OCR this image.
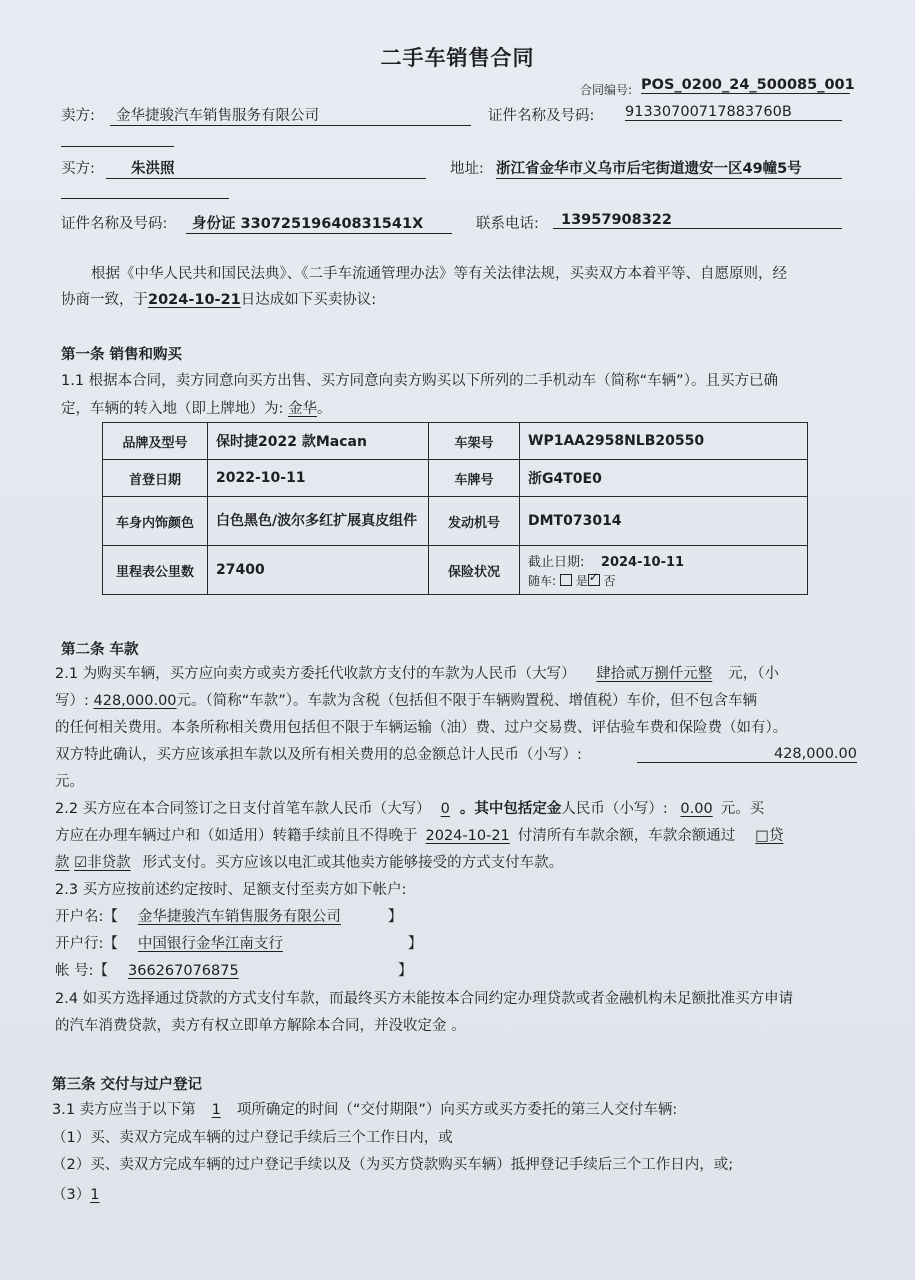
二手车销售合同
合同编号: POS_0200_24_500085_001
卖方:	金华捷骏汽车销售服务有限公司	证件名称及号码: 91330700717883760B
买方:	朱洪照	地址: 浙江省金华市义乌市后宅街道遗安一区49幢5号
证件名称及号码:	身份证 330725196408315​41X	联系电话:	13957908322
根据《中华人民共和国民法典》、《二手车流通管理办法》等有关法律法规，买卖双方本着平等、自愿原则，经
协商一致，于2024-10-21日达成如下买卖协议:
第一条 销售和购买
1.1 根据本合同，卖方同意向买方出售、买方同意向卖方购买以下所列的二手机动车（简称“车辆”）。且买方已确
定，车辆的转入地（即上牌地）为: 金华。
品牌及型号	保时捷2022 款Macan	车架号	WP1AA2958NLB20550
首登日期	2022-10-11	车牌号	浙G4T0E0
车身内饰颜色	白色黑色/波尔多红扩展真皮组件	发动机号	DMT073014
里程表公里数	27400	保险状况	截止日期: 2024-10-11
随车: 是 ✓ 否
第二条 车款
2.1 为购买车辆，买方应向卖方或卖方委托代收款方支付的车款为人民币（大写） 肆拾贰万捌仟元整 元，（小
写）: 428,000.00元。（简称“车款”）。车款为含税（包括但不限于车辆购置税、增值税）车价，但不包含车辆
的任何相关费用。本条所称相关费用包括但不限于车辆运输（油）费、过户交易费、评估验车费和保险费（如有）。
双方特此确认，买方应该承担车款以及所有相关费用的总金额总计人民币（小写）:	428,000.00
元。
2.2 买方应在本合同签订之日支付首笔车款人民币（大写） 0 。其中包括定金人民币（小写）: 0.00 元。买
方应在办理车辆过户和（如适用）转籍手续前且不得晚于 2024-10-21 付清所有车款余额，车款余额通过 □贷
款 ☑非贷款 形式支付。买方应该以电汇或其他卖方能够接受的方式支付车款。
2.3 买方应按前述约定按时、足额支付至卖方如下帐户:
开户名:【 金华捷骏汽车销售服务有限公司	】
开户行:【 中国银行金华江南支行	】
帐 号:【 366267076875	】
2.4 如买方选择通过贷款的方式支付车款，而最终买方未能按本合同约定办理贷款或者金融机构未足额批准买方申请
的汽车消费贷款，卖方有权立即单方解除本合同，并没收定金 。
第三条 交付与过户登记
3.1 卖方应当于以下第 1 项所确定的时间（“交付期限”）向买方或买方委托的第三人交付车辆:
（1）买、卖双方完成车辆的过户登记手续后三个工作日内，或
（2）买、卖双方完成车辆的过户登记手续以及（为买方贷款购买车辆）抵押登记手续后三个工作日内，或;
（3）1
